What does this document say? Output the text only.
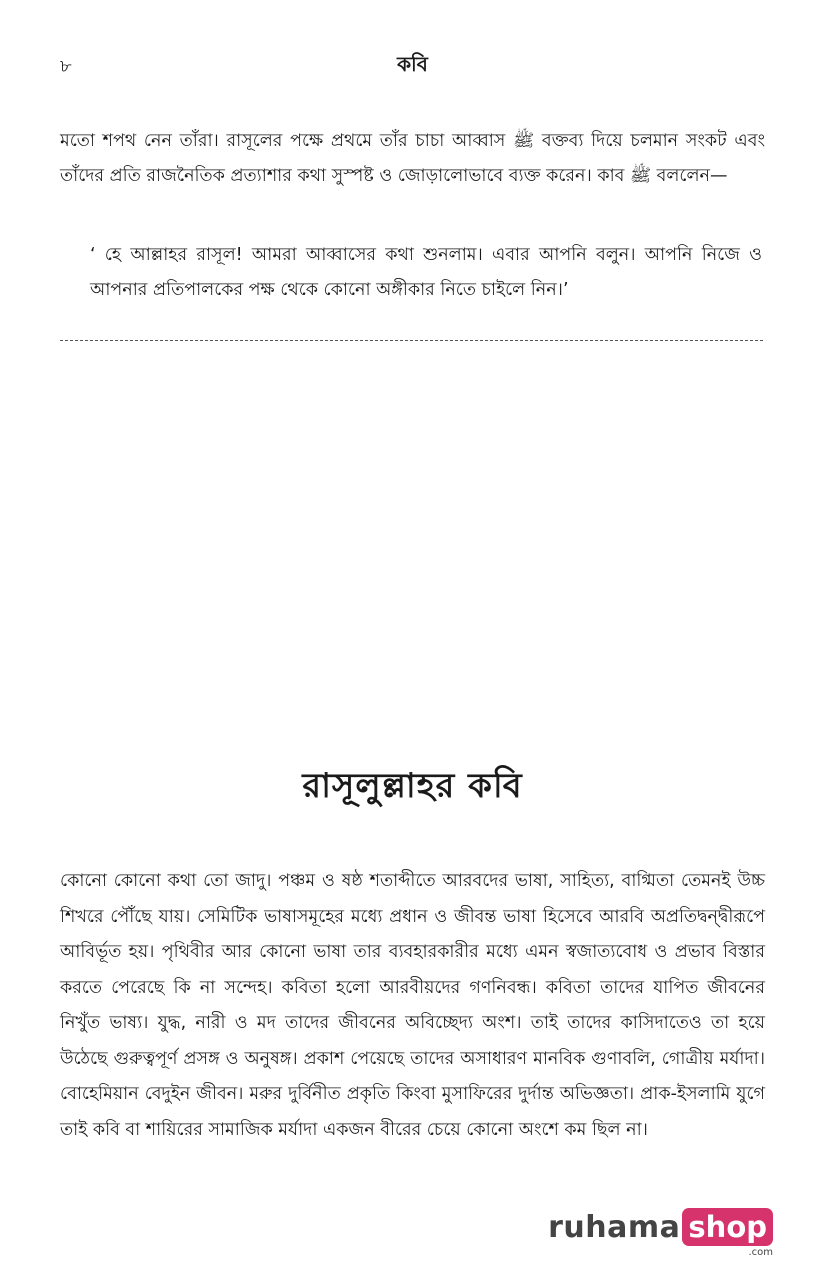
৮	কবি

মতো শপথ নেন তাঁরা। রাসূলের পক্ষে প্রথমে তাঁর চাচা আব্বাস ﷺ বক্তব্য দিয়ে চলমান সংকট এবং তাঁদের প্রতি রাজনৈতিক প্রত্যাশার কথা সুস্পষ্ট ও জোড়ালোভাবে ব্যক্ত করেন। কাব ﷺ বললেন—

‘ হে আল্লাহর রাসূল! আমরা আব্বাসের কথা শুনলাম। এবার আপনি বলুন। আপনি নিজে ও আপনার প্রতিপালকের পক্ষ থেকে কোনো অঙ্গীকার নিতে চাইলে নিন।’

রাসূলুল্লাহর কবি

কোনো কোনো কথা তো জাদু। পঞ্চম ও ষষ্ঠ শতাব্দীতে আরবদের ভাষা, সাহিত্য, বাগ্মিতা তেমনই উচ্চ শিখরে পৌঁছে যায়। সেমিটিক ভাষাসমূহের মধ্যে প্রধান ও জীবন্ত ভাষা হিসেবে আরবি অপ্রতিদ্বন্দ্বীরূপে আবির্ভূত হয়। পৃথিবীর আর কোনো ভাষা তার ব্যবহারকারীর মধ্যে এমন স্বজাত্যবোধ ও প্রভাব বিস্তার করতে পেরেছে কি না সন্দেহ। কবিতা হলো আরবীয়দের গণনিবন্ধ। কবিতা তাদের যাপিত জীবনের নিখুঁত ভাষ্য। যুদ্ধ, নারী ও মদ তাদের জীবনের অবিচ্ছেদ্য অংশ। তাই তাদের কাসিদাতেও তা হয়ে উঠেছে গুরুত্বপূর্ণ প্রসঙ্গ ও অনুষঙ্গ। প্রকাশ পেয়েছে তাদের অসাধারণ মানবিক গুণাবলি, গোত্রীয় মর্যাদা। বোহেমিয়ান বেদুইন জীবন। মরুর দুর্বিনীত প্রকৃতি কিংবা মুসাফিরের দুর্দান্ত অভিজ্ঞতা। প্রাক-ইসলামি যুগে তাই কবি বা শায়িরের সামাজিক মর্যাদা একজন বীরের চেয়ে কোনো অংশে কম ছিল না।

ruhama shop
.com
